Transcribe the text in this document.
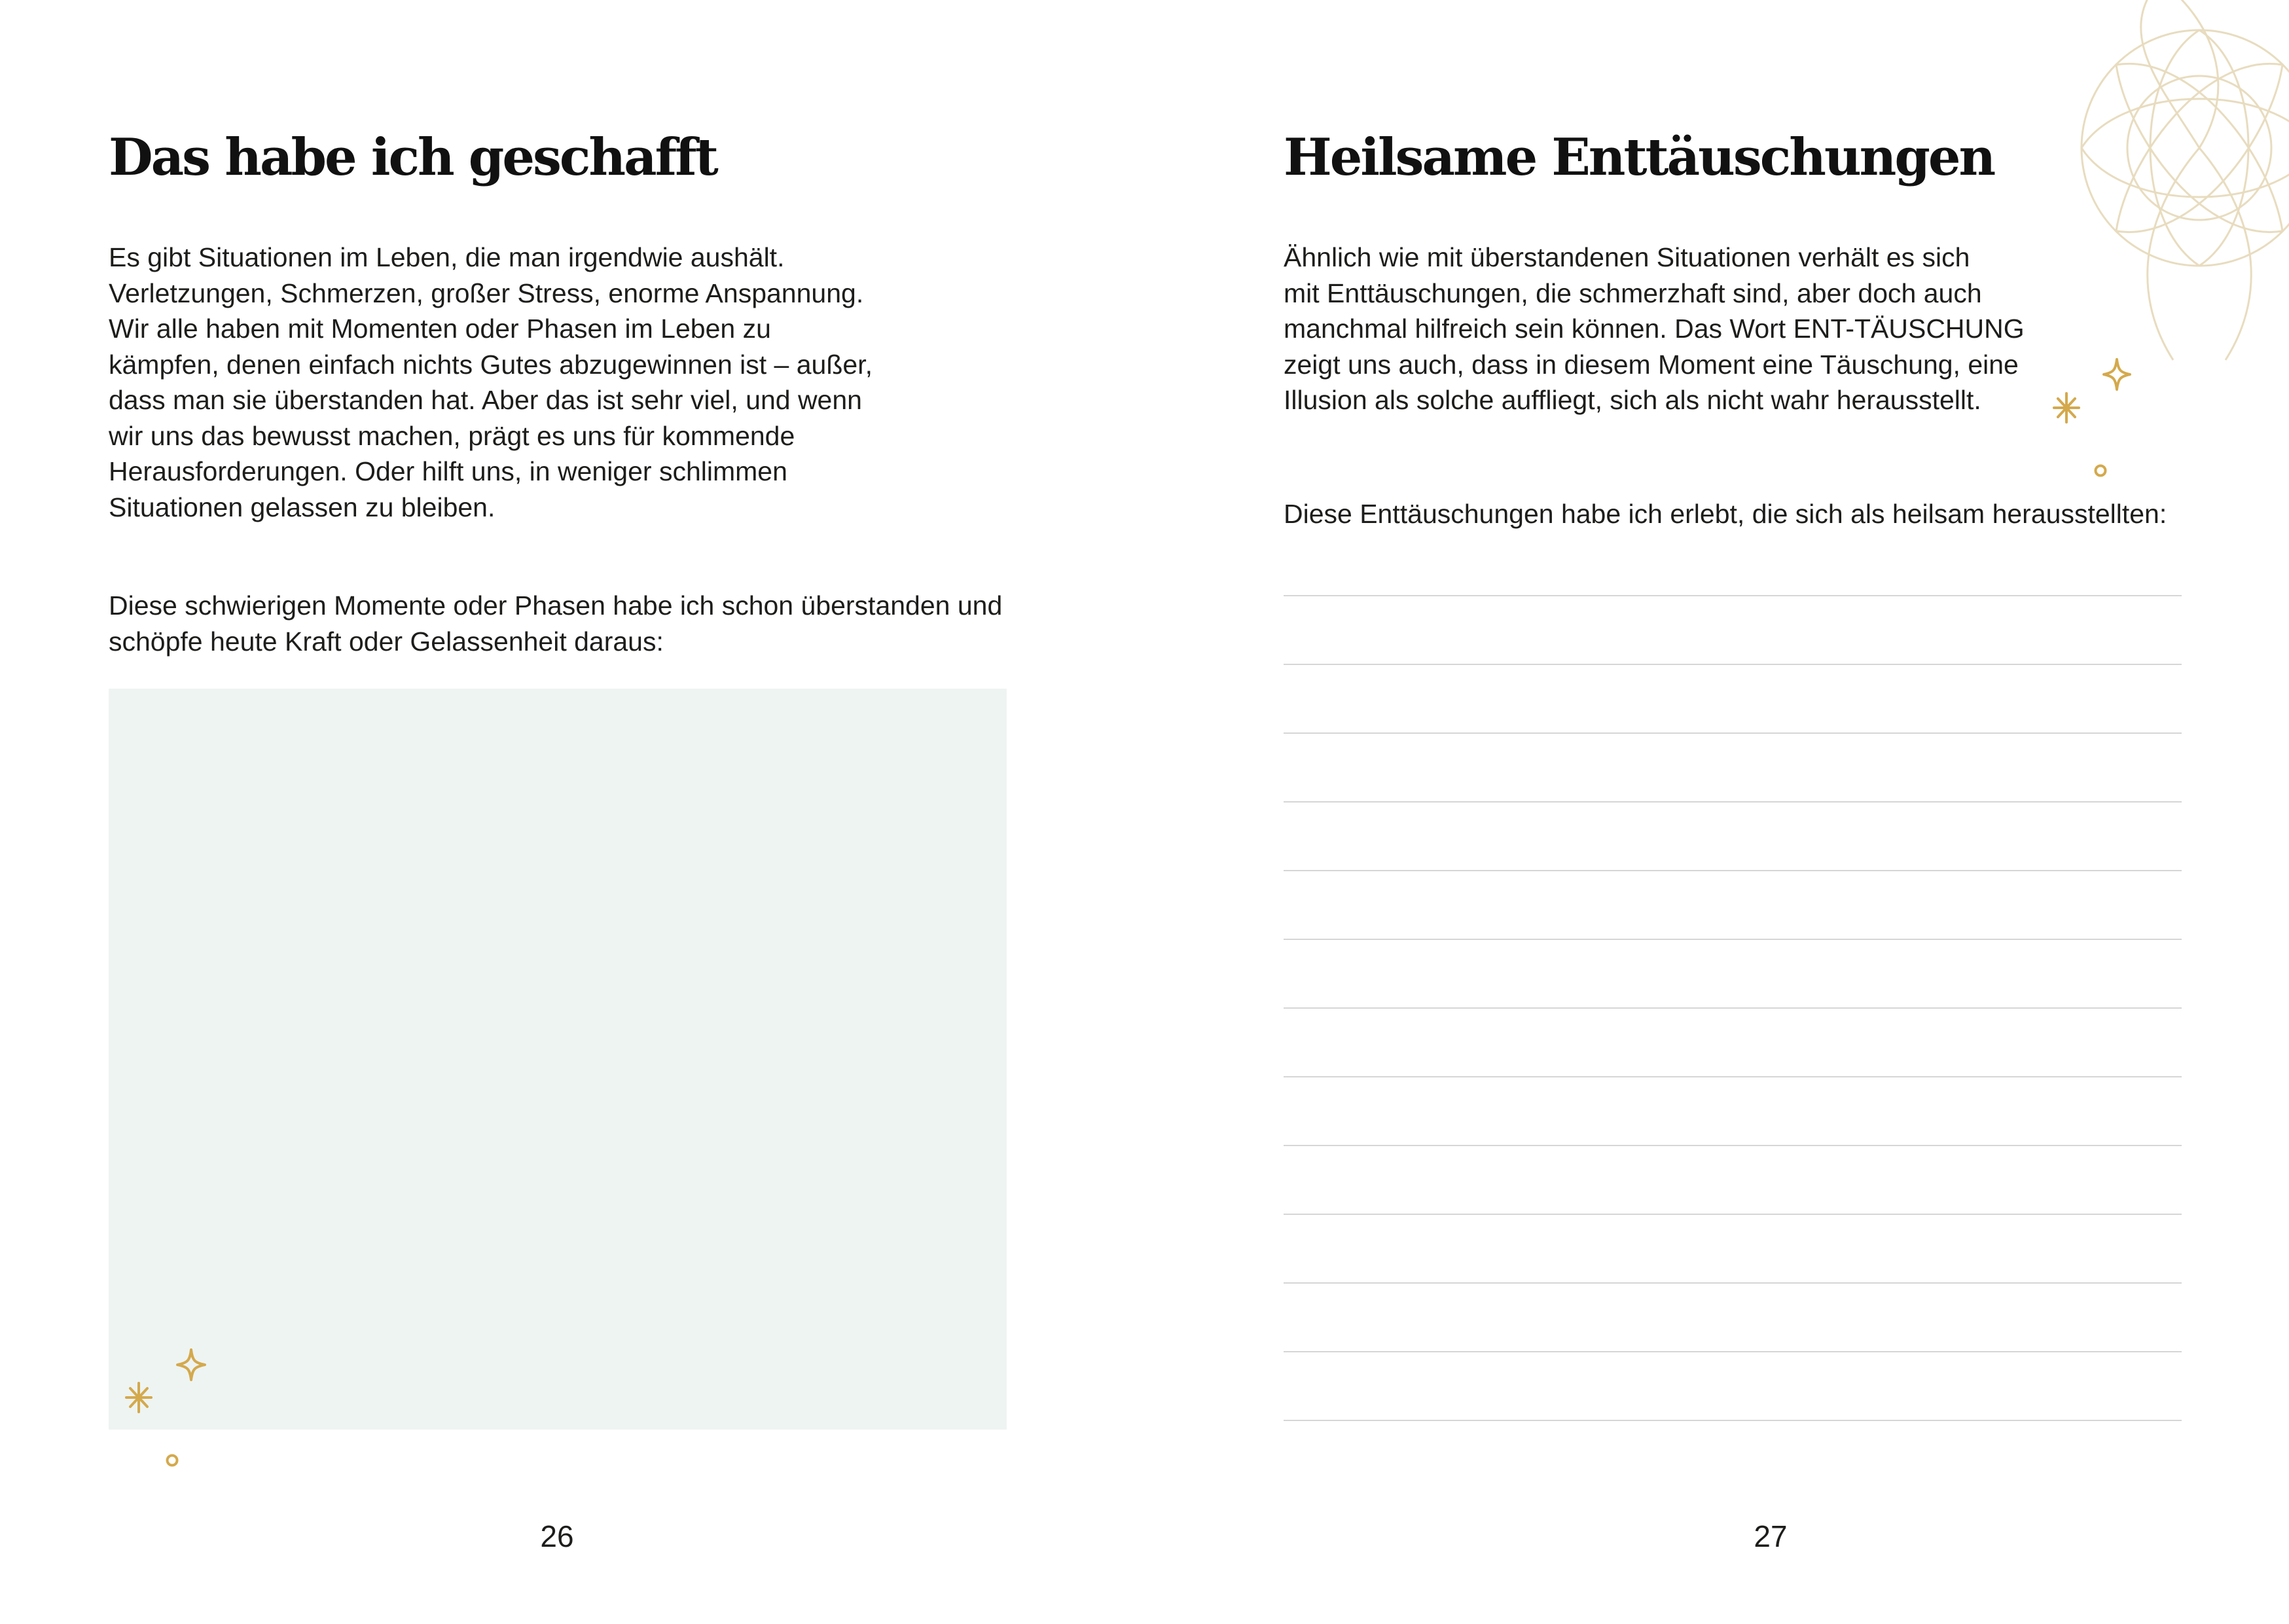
Das habe ich geschafft

Es gibt Situationen im Leben, die man irgendwie aushält.
Verletzungen, Schmerzen, großer Stress, enorme Anspannung.
Wir alle haben mit Momenten oder Phasen im Leben zu
kämpfen, denen einfach nichts Gutes abzugewinnen ist – außer,
dass man sie überstanden hat. Aber das ist sehr viel, und wenn
wir uns das bewusst machen, prägt es uns für kommende
Herausforderungen. Oder hilft uns, in weniger schlimmen
Situationen gelassen zu bleiben.

Diese schwierigen Momente oder Phasen habe ich schon überstanden und
schöpfe heute Kraft oder Gelassenheit daraus:

26
Heilsame Enttäuschungen

Ähnlich wie mit überstandenen Situationen verhält es sich
mit Enttäuschungen, die schmerzhaft sind, aber doch auch
manchmal hilfreich sein können. Das Wort ENT-TÄUSCHUNG
zeigt uns auch, dass in diesem Moment eine Täuschung, eine
Illusion als solche auffliegt, sich als nicht wahr herausstellt.

Diese Enttäuschungen habe ich erlebt, die sich als heilsam herausstellten:

27
